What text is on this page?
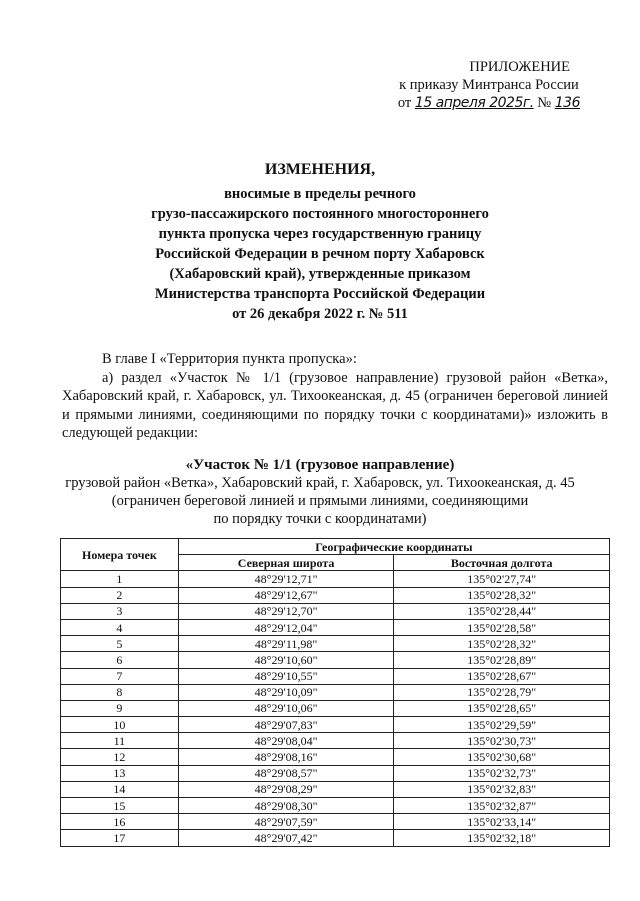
ПРИЛОЖЕНИЕ
к приказу Минтранса России
от 15 апреля 2025г. № 136
ИЗМЕНЕНИЯ,
вносимые в пределы речного
грузо-пассажирского постоянного многостороннего
пункта пропуска через государственную границу
Российской Федерации в речном порту Хабаровск
(Хабаровский край), утвержденные приказом
Министерства транспорта Российской Федерации
от 26 декабря 2022 г. № 511

В главе I «Территория пункта пропуска»:

а) раздел «Участок № 1/1 (грузовое направление) грузовой район «Ветка», Хабаровский край, г. Хабаровск, ул. Тихоокеанская, д. 45 (ограничен береговой линией и прямыми линиями, соединяющими по порядку точки с координатами)» изложить в следующей редакции:

«Участок № 1/1 (грузовое направление)
грузовой район «Ветка», Хабаровский край, г. Хабаровск, ул. Тихоокеанская, д. 45
(ограничен береговой линией и прямыми линиями, соединяющими
по порядку точки с координатами)
Номера точек	Географические координаты	
	Северная широта	Восточная долгота
1	48°29'12,71"	135°02'27,74"
2	48°29'12,67"	135°02'28,32"
3	48°29'12,70"	135°02'28,44"
4	48°29'12,04"	135°02'28,58"
5	48°29'11,98"	135°02'28,32"
6	48°29'10,60"	135°02'28,89"
7	48°29'10,55"	135°02'28,67"
8	48°29'10,09"	135°02'28,79"
9	48°29'10,06"	135°02'28,65"
10	48°29'07,83"	135°02'29,59"
11	48°29'08,04"	135°02'30,73"
12	48°29'08,16"	135°02'30,68"
13	48°29'08,57"	135°02'32,73"
14	48°29'08,29"	135°02'32,83"
15	48°29'08,30"	135°02'32,87"
16	48°29'07,59"	135°02'33,14"
17	48°29'07,42"	135°02'32,18"
